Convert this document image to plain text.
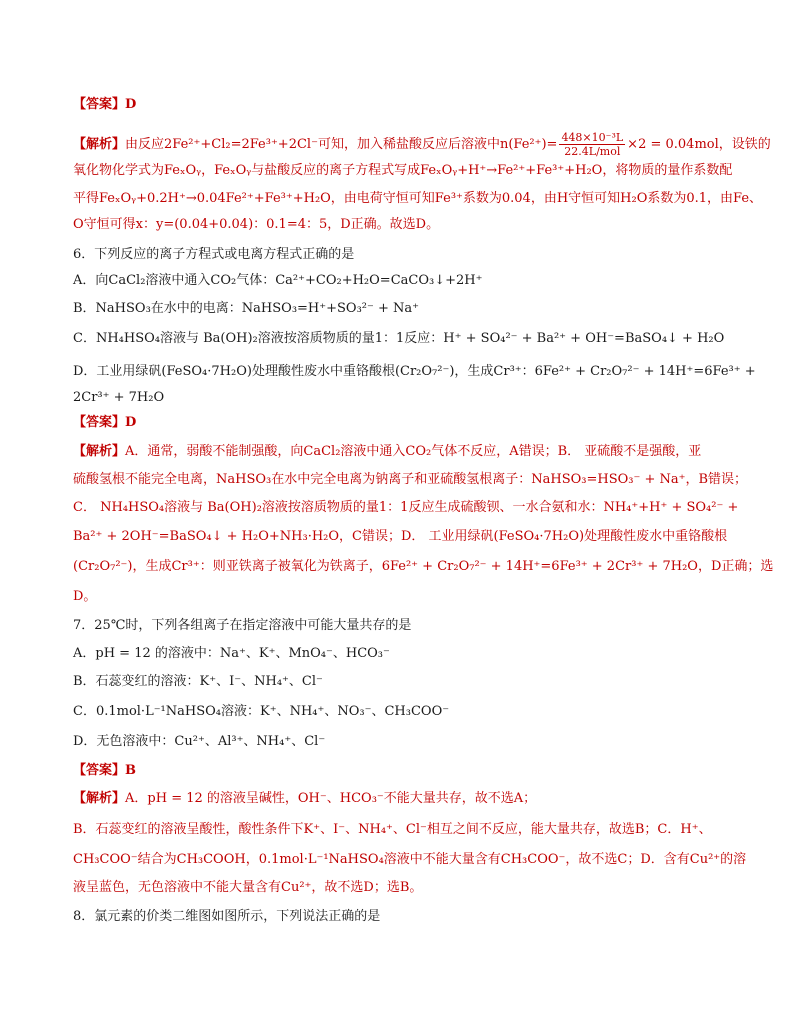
【答案】D
【解析】由反应2Fe²⁺+Cl₂=2Fe³⁺+2Cl⁻可知，加入稀盐酸反应后溶液中$n(Fe^{2+})= \frac{\text{448×10⁻³L}}{\text{22.4L/mol}} \times 2 = 0.04mol$，设铁的
氧化物化学式为FeₓOᵧ，FeₓOᵧ与盐酸反应的离子方程式写成FeₓOᵧ+H⁺→Fe²⁺+Fe³⁺+H₂O，将物质的量作系数配
平得FeₓOᵧ+0.2H⁺→0.04Fe²⁺+Fe³⁺+H₂O，由电荷守恒可知Fe³⁺系数为0.04，由H守恒可知H₂O系数为0.1，由Fe、
O守恒可得x：y=(0.04+0.04)：0.1=4：5，D正确。故选D。
6．下列反应的离子方程式或电离方程式正确的是
A．向CaCl₂溶液中通入CO₂气体：Ca²⁺+CO₂+H₂O=CaCO₃↓+2H⁺
B．NaHSO₃在水中的电离：NaHSO₃=H⁺+SO₃²⁻ + Na⁺
C．NH₄HSO₄溶液与 Ba(OH)₂溶液按溶质物质的量1：1反应：H⁺ + SO₄²⁻ + Ba²⁺ + OH⁻=BaSO₄↓ + H₂O
D．工业用绿矾(FeSO₄·7H₂O)处理酸性废水中重铬酸根(Cr₂O₇²⁻)，生成Cr³⁺：6Fe²⁺ + Cr₂O₇²⁻ + 14H⁺=6Fe³⁺ +
2Cr³⁺ + 7H₂O
【答案】D
【解析】A．通常，弱酸不能制强酸，向CaCl₂溶液中通入CO₂气体不反应，A错误；B． 亚硫酸不是强酸，亚
硫酸氢根不能完全电离，NaHSO₃在水中完全电离为钠离子和亚硫酸氢根离子：NaHSO₃=HSO₃⁻ + Na⁺，B错误；
C． NH₄HSO₄溶液与 Ba(OH)₂溶液按溶质物质的量1：1反应生成硫酸钡、一水合氨和水：NH₄⁺+H⁺ + SO₄²⁻ +
Ba²⁺ + 2OH⁻=BaSO₄↓ + H₂O+NH₃·H₂O，C错误；D． 工业用绿矾(FeSO₄·7H₂O)处理酸性废水中重铬酸根
(Cr₂O₇²⁻)，生成Cr³⁺：则亚铁离子被氧化为铁离子，6Fe²⁺ + Cr₂O₇²⁻ + 14H⁺=6Fe³⁺ + 2Cr³⁺ + 7H₂O，D正确；选
D。
7．25℃时，下列各组离子在指定溶液中可能大量共存的是
A．pH = 12 的溶液中：Na⁺、K⁺、MnO₄⁻、HCO₃⁻
B．石蕊变红的溶液：K⁺、I⁻、NH₄⁺、Cl⁻
C．0.1mol·L⁻¹NaHSO₄溶液：K⁺、NH₄⁺、NO₃⁻、CH₃COO⁻
D．无色溶液中：Cu²⁺、Al³⁺、NH₄⁺、Cl⁻
【答案】B
【解析】A．pH = 12 的溶液呈碱性，OH⁻、HCO₃⁻不能大量共存，故不选A；
B．石蕊变红的溶液呈酸性，酸性条件下K⁺、I⁻、NH₄⁺、Cl⁻相互之间不反应，能大量共存，故选B；C．H⁺、
CH₃COO⁻结合为CH₃COOH，0.1mol·L⁻¹NaHSO₄溶液中不能大量含有CH₃COO⁻，故不选C；D．含有Cu²⁺的溶
液呈蓝色，无色溶液中不能大量含有Cu²⁺，故不选D；选B。
8．氯元素的价类二维图如图所示，下列说法正确的是
